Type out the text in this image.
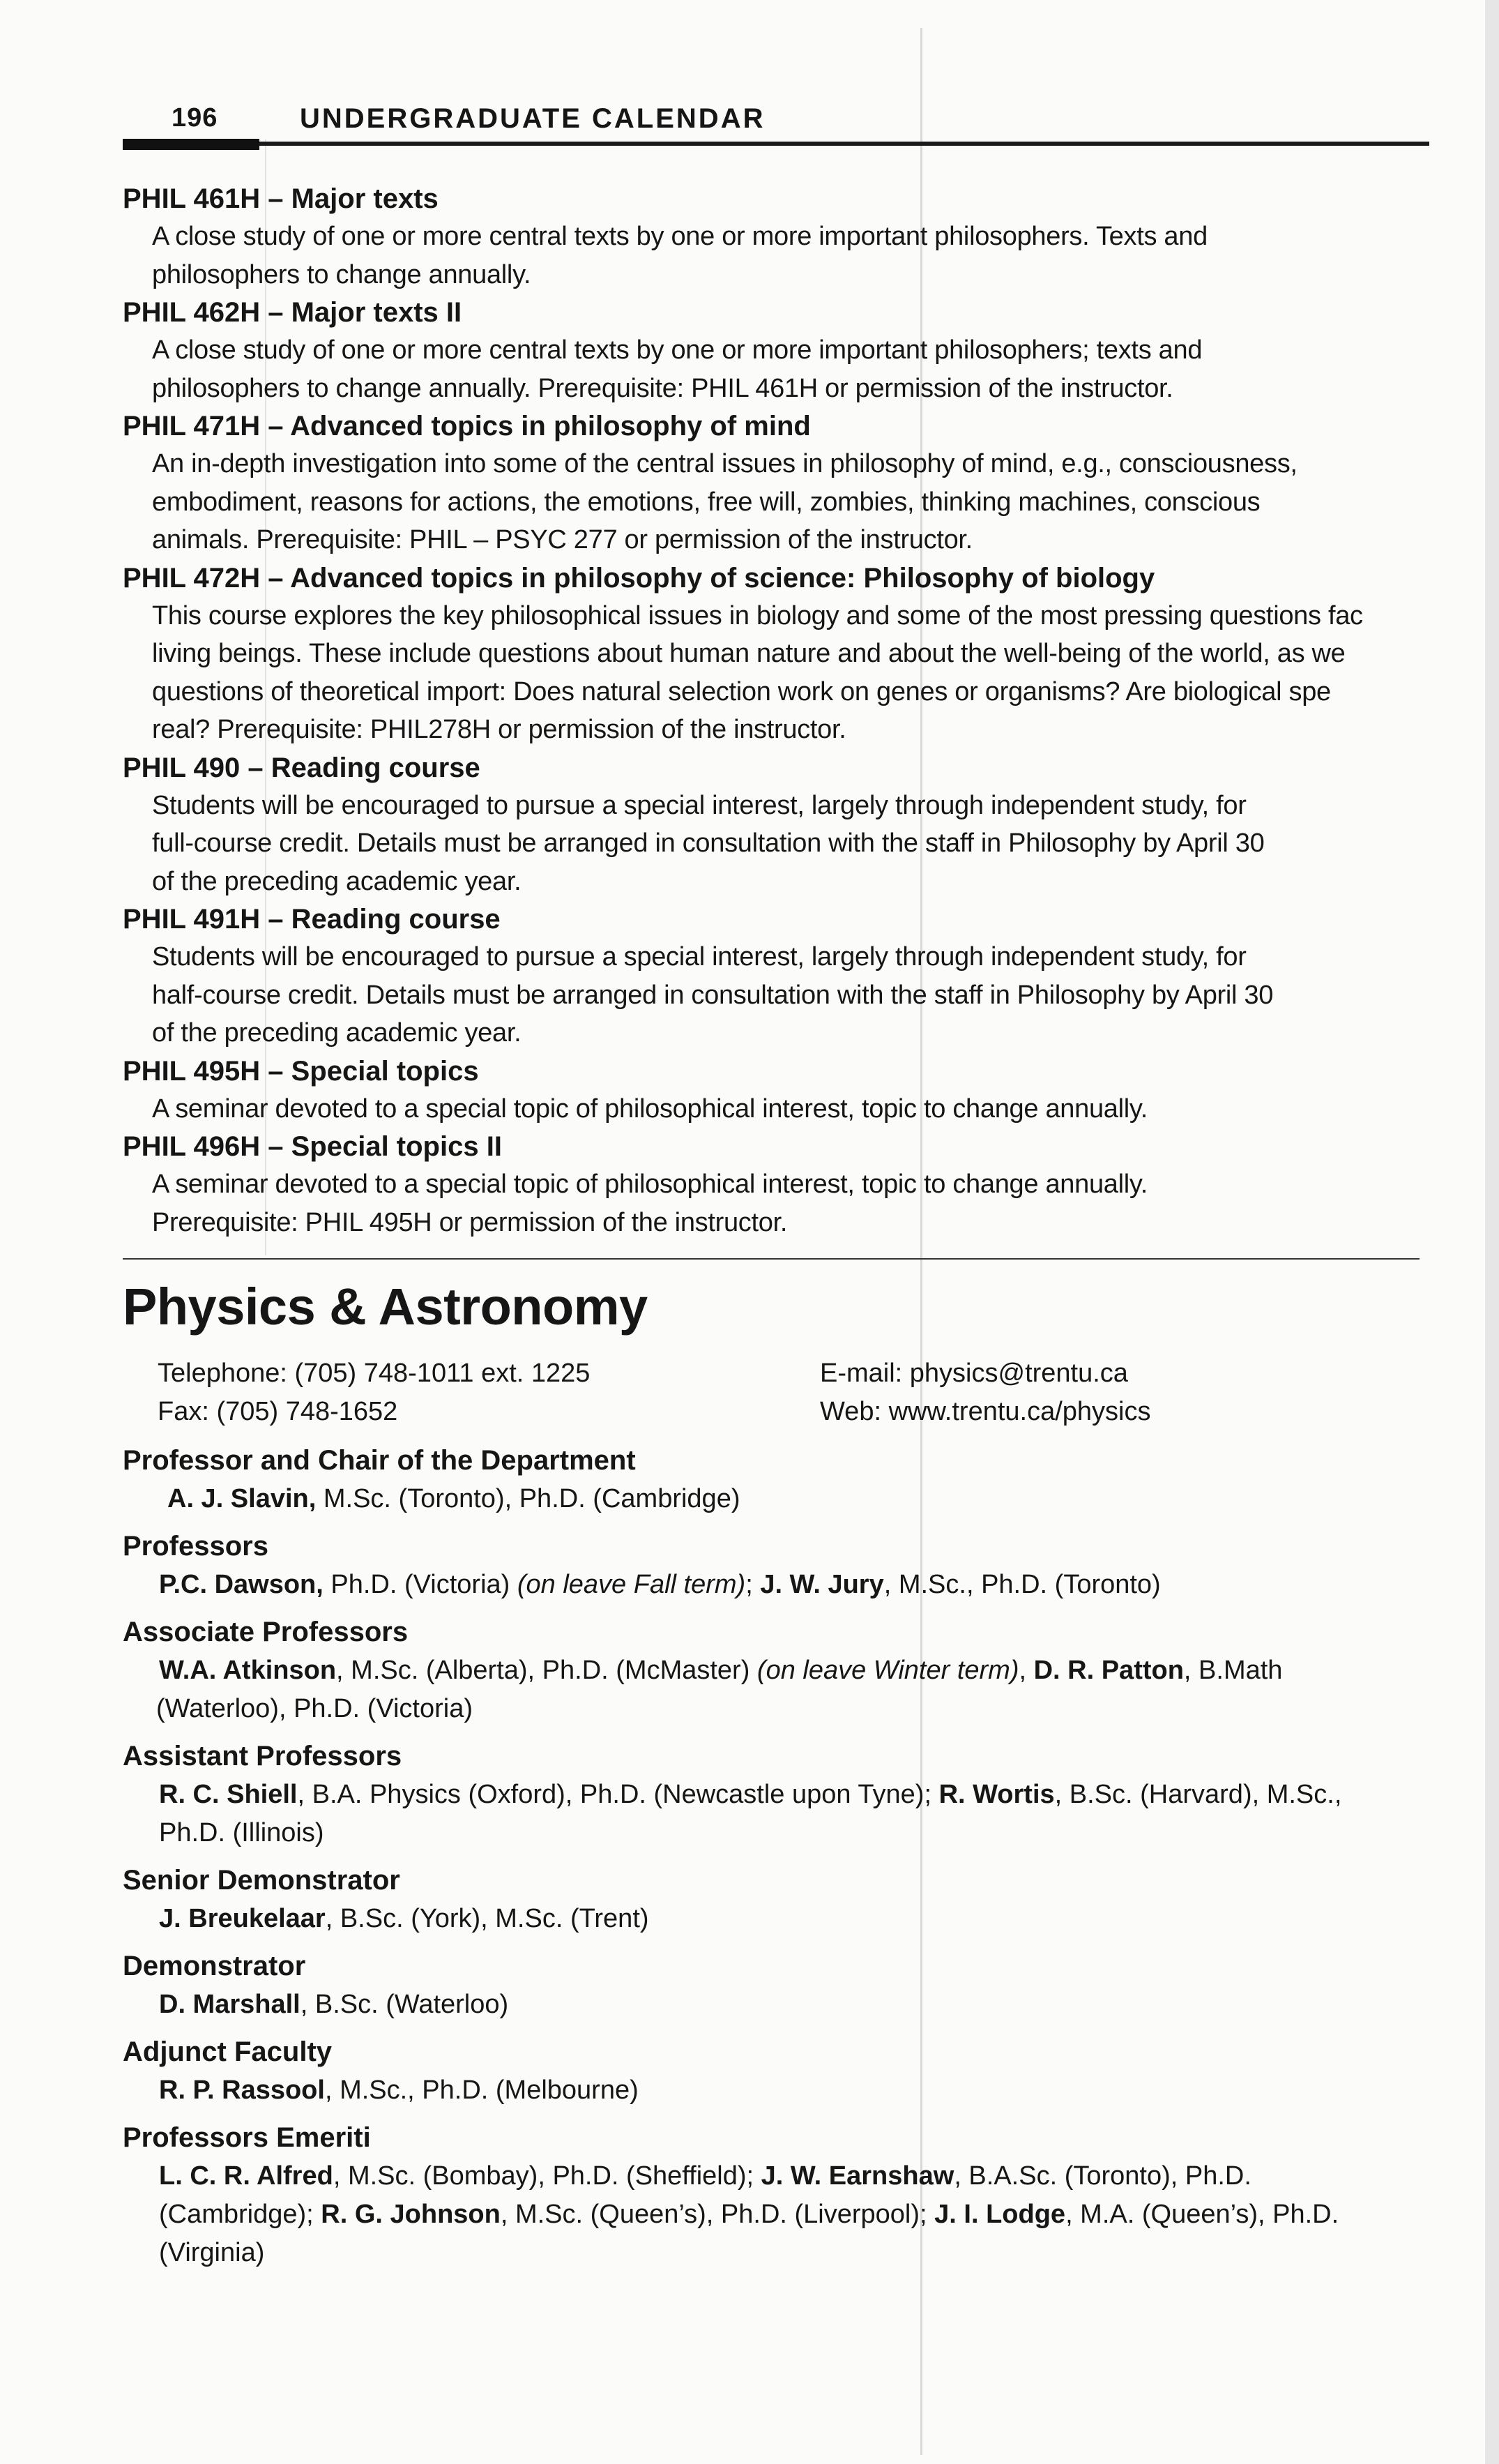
196	UNDERGRADUATE CALENDAR
PHIL 461H – Major texts
A close study of one or more central texts by one or more important philosophers. Texts and
philosophers to change annually.
PHIL 462H – Major texts II
A close study of one or more central texts by one or more important philosophers; texts and
philosophers to change annually. Prerequisite: PHIL 461H or permission of the instructor.
PHIL 471H – Advanced topics in philosophy of mind
An in-depth investigation into some of the central issues in philosophy of mind, e.g., consciousness,
embodiment, reasons for actions, the emotions, free will, zombies, thinking machines, conscious
animals. Prerequisite: PHIL – PSYC 277 or permission of the instructor.
PHIL 472H – Advanced topics in philosophy of science: Philosophy of biology
This course explores the key philosophical issues in biology and some of the most pressing questions fac
living beings. These include questions about human nature and about the well-being of the world, as we
questions of theoretical import: Does natural selection work on genes or organisms? Are biological spe
real? Prerequisite: PHIL278H or permission of the instructor.
PHIL 490 – Reading course
Students will be encouraged to pursue a special interest, largely through independent study, for
full-course credit. Details must be arranged in consultation with the staff in Philosophy by April 30
of the preceding academic year.
PHIL 491H – Reading course
Students will be encouraged to pursue a special interest, largely through independent study, for
half-course credit. Details must be arranged in consultation with the staff in Philosophy by April 30
of the preceding academic year.
PHIL 495H – Special topics
A seminar devoted to a special topic of philosophical interest, topic to change annually.
PHIL 496H – Special topics II
A seminar devoted to a special topic of philosophical interest, topic to change annually.
Prerequisite: PHIL 495H or permission of the instructor.
Physics & Astronomy
Telephone: (705) 748-1011 ext. 1225
Fax: (705) 748-1652
E-mail: physics@trentu.ca
Web: www.trentu.ca/physics
Professor and Chair of the Department
A. J. Slavin, M.Sc. (Toronto), Ph.D. (Cambridge)
Professors
P.C. Dawson, Ph.D. (Victoria) (on leave Fall term); J. W. Jury, M.Sc., Ph.D. (Toronto)
Associate Professors
W.A. Atkinson, M.Sc. (Alberta), Ph.D. (McMaster) (on leave Winter term), D. R. Patton, B.Math
(Waterloo), Ph.D. (Victoria)
Assistant Professors
R. C. Shiell, B.A. Physics (Oxford), Ph.D. (Newcastle upon Tyne); R. Wortis, B.Sc. (Harvard), M.Sc.,
Ph.D. (Illinois)
Senior Demonstrator
J. Breukelaar, B.Sc. (York), M.Sc. (Trent)
Demonstrator
D. Marshall, B.Sc. (Waterloo)
Adjunct Faculty
R. P. Rassool, M.Sc., Ph.D. (Melbourne)
Professors Emeriti
L. C. R. Alfred, M.Sc. (Bombay), Ph.D. (Sheffield); J. W. Earnshaw, B.A.Sc. (Toronto), Ph.D.
(Cambridge); R. G. Johnson, M.Sc. (Queen’s), Ph.D. (Liverpool); J. I. Lodge, M.A. (Queen’s), Ph.D.
(Virginia)
